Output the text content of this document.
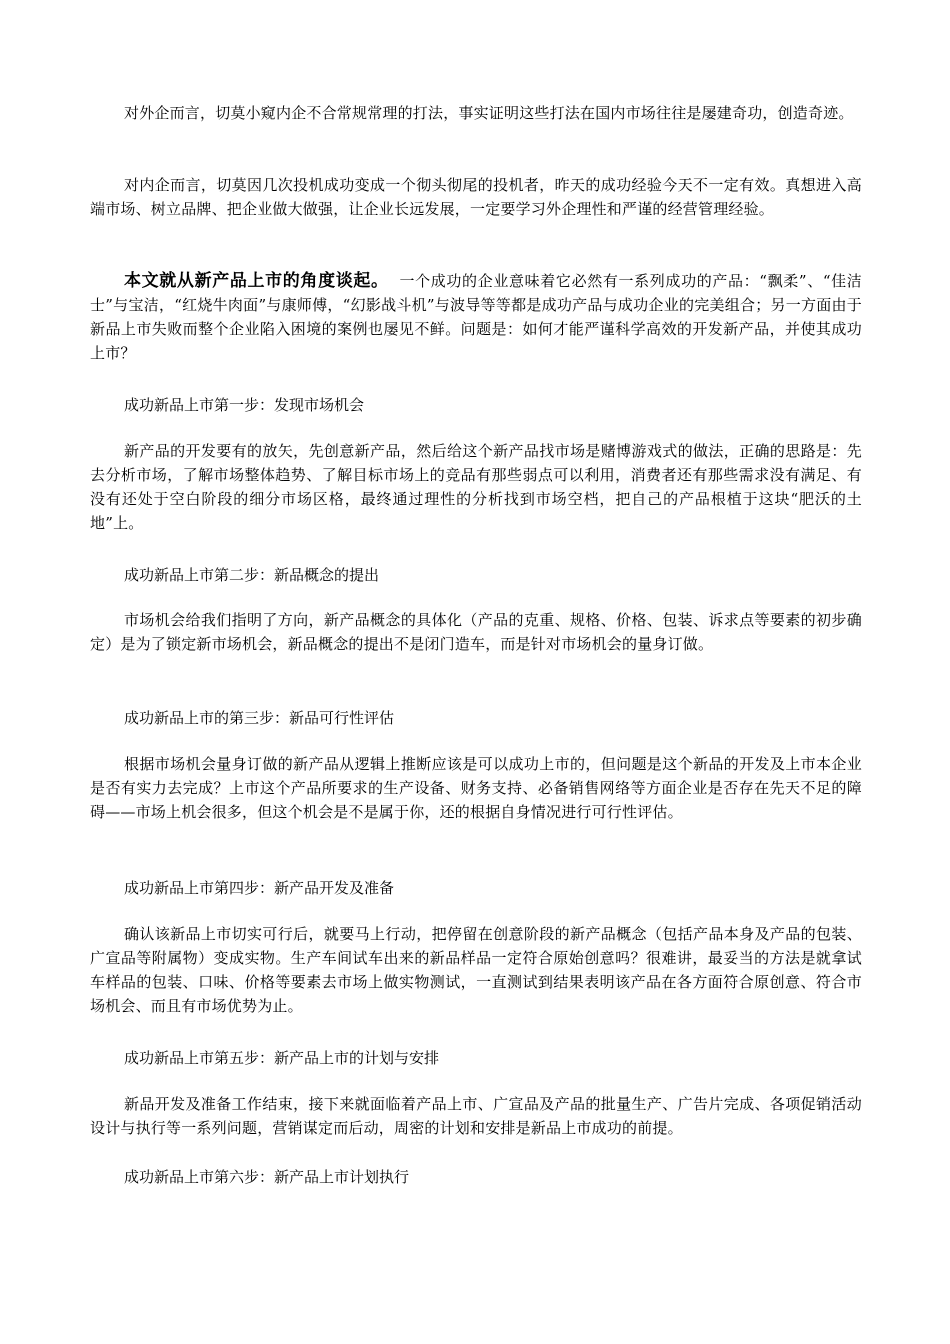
对外企而言，切莫小窥内企不合常规常理的打法，事实证明这些打法在国内市场往往是屡建奇功，创造奇迹。

对内企而言，切莫因几次投机成功变成一个彻头彻尾的投机者，昨天的成功经验今天不一定有效。真想进入高端市场、树立品牌、把企业做大做强，让企业长远发展，一定要学习外企理性和严谨的经营管理经验。

本文就从新产品上市的角度谈起。 一个成功的企业意味着它必然有一系列成功的产品：“飘柔”、“佳洁士”与宝洁，“红烧牛肉面”与康师傅，“幻影战斗机”与波导等等都是成功产品与成功企业的完美组合；另一方面由于新品上市失败而整个企业陷入困境的案例也屡见不鲜。问题是：如何才能严谨科学高效的开发新产品，并使其成功上市？

成功新品上市第一步：发现市场机会

新产品的开发要有的放矢，先创意新产品，然后给这个新产品找市场是赌博游戏式的做法，正确的思路是：先去分析市场，了解市场整体趋势、了解目标市场上的竞品有那些弱点可以利用，消费者还有那些需求没有满足、有没有还处于空白阶段的细分市场区格，最终通过理性的分析找到市场空档，把自己的产品根植于这块“肥沃的土地”上。

成功新品上市第二步：新品概念的提出

市场机会给我们指明了方向，新产品概念的具体化（产品的克重、规格、价格、包装、诉求点等要素的初步确定）是为了锁定新市场机会，新品概念的提出不是闭门造车，而是针对市场机会的量身订做。

成功新品上市的第三步：新品可行性评估

根据市场机会量身订做的新产品从逻辑上推断应该是可以成功上市的，但问题是这个新品的开发及上市本企业是否有实力去完成？上市这个产品所要求的生产设备、财务支持、必备销售网络等方面企业是否存在先天不足的障碍——市场上机会很多，但这个机会是不是属于你，还的根据自身情况进行可行性评估。

成功新品上市第四步：新产品开发及准备

确认该新品上市切实可行后，就要马上行动，把停留在创意阶段的新产品概念（包括产品本身及产品的包装、广宣品等附属物）变成实物。生产车间试车出来的新品样品一定符合原始创意吗？很难讲，最妥当的方法是就拿试车样品的包装、口味、价格等要素去市场上做实物测试，一直测试到结果表明该产品在各方面符合原创意、符合市场机会、而且有市场优势为止。

成功新品上市第五步：新产品上市的计划与安排

新品开发及准备工作结束，接下来就面临着产品上市、广宣品及产品的批量生产、广告片完成、各项促销活动设计与执行等一系列问题，营销谋定而后动，周密的计划和安排是新品上市成功的前提。

成功新品上市第六步：新产品上市计划执行
